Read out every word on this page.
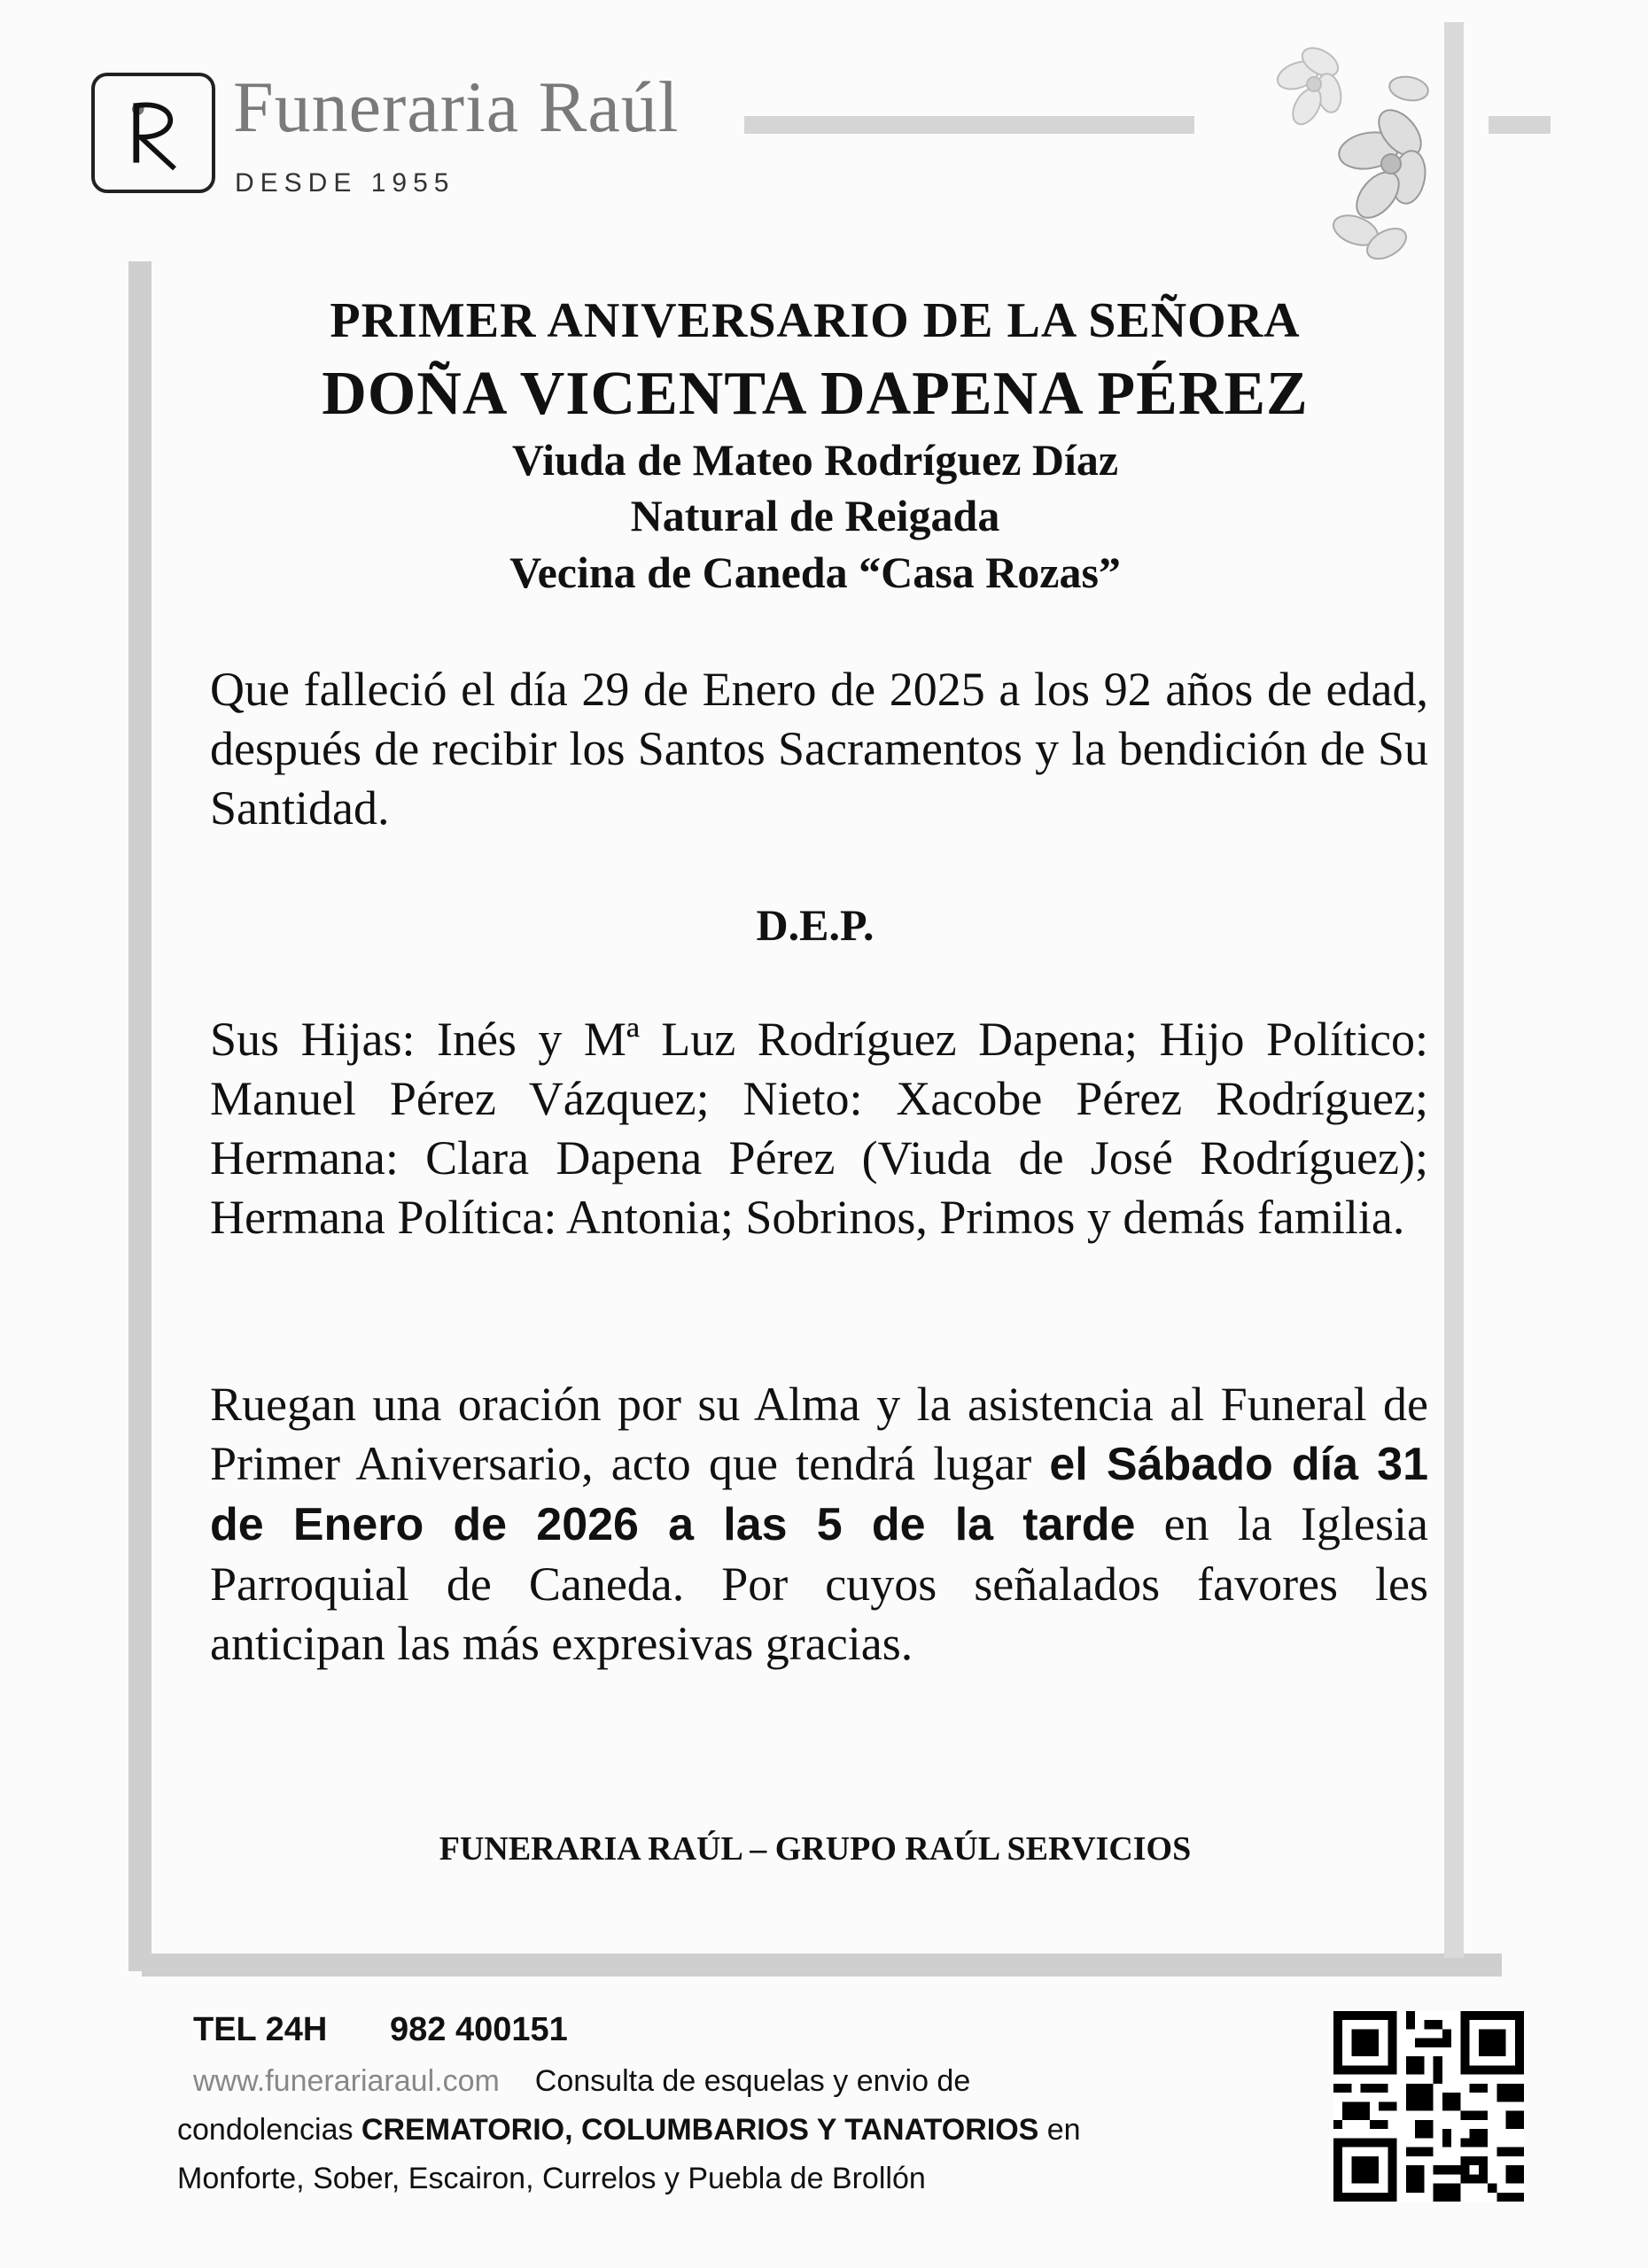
Funeraria Raúl
DESDE 1955
PRIMER ANIVERSARIO DE LA SEÑORA
DOÑA VICENTA DAPENA PÉREZ
Viuda de Mateo Rodríguez Díaz
Natural de Reigada
Vecina de Caneda “Casa Rozas”
Que falleció el día 29 de Enero de 2025 a los 92 años de edad, después de recibir los Santos Sacramentos y la bendición de Su Santidad.
D.E.P.
Sus Hijas: Inés y Mª Luz Rodríguez Dapena; Hijo Político: Manuel Pérez Vázquez; Nieto: Xacobe Pérez Rodríguez; Hermana: Clara Dapena Pérez (Viuda de José Rodríguez); Hermana Política: Antonia; Sobrinos, Primos y demás familia.
Ruegan una oración por su Alma y la asistencia al Funeral de Primer Aniversario, acto que tendrá lugar el Sábado día 31 de Enero de 2026 a las 5 de la tarde en la Iglesia Parroquial de Caneda. Por cuyos señalados favores les anticipan las más expresivas gracias.
FUNERARIA RAÚL – GRUPO RAÚL SERVICIOS
TEL 24H 982 400151
www.funerariaraul.com Consulta de esquelas y envio de
condolencias CREMATORIO, COLUMBARIOS Y TANATORIOS en
Monforte, Sober, Escairon, Currelos y Puebla de Brollón
